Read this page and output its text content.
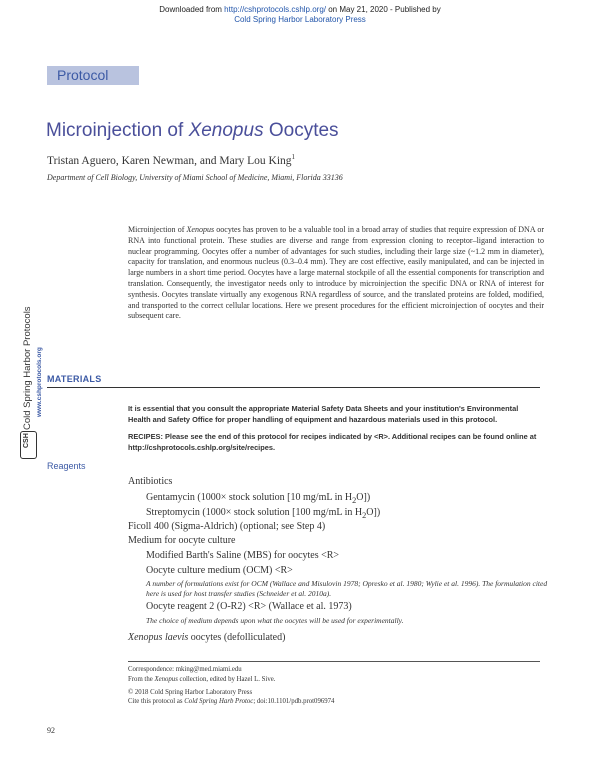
Downloaded from http://cshprotocols.cshlp.org/ on May 21, 2020 - Published by
Cold Spring Harbor Laboratory Press
Protocol
Microinjection of Xenopus Oocytes
Tristan Aguero, Karen Newman, and Mary Lou King$^1$
Department of Cell Biology, University of Miami School of Medicine, Miami, Florida 33136

Microinjection of Xenopus oocytes has proven to be a valuable tool in a broad array of studies that require expression of DNA or RNA into functional protein. These studies are diverse and range from expression cloning to receptor–ligand interaction to nuclear programming. Oocytes offer a number of advantages for such studies, including their large size (~1.2 mm in diameter), capacity for translation, and enormous nucleus (0.3–0.4 mm). They are cost effective, easily manipulated, and can be injected in large numbers in a short time period. Oocytes have a large maternal stockpile of all the essential components for transcription and translation. Consequently, the investigator needs only to introduce by microinjection the specific DNA or RNA of interest for synthesis. Oocytes translate virtually any exogenous RNA regardless of source, and the translated proteins are folded, modified, and transported to the correct cellular locations. Here we present procedures for the efficient microinjection of oocytes and their subsequent care.

Cold Spring Harbor Protocols www.cshprotocols.org
CSH
MATERIALS

It is essential that you consult the appropriate Material Safety Data Sheets and your institution's Environmental Health and Safety Office for proper handling of equipment and hazardous materials used in this protocol.

RECIPES: Please see the end of this protocol for recipes indicated by <R>. Additional recipes can be found online at http://cshprotocols.cshlp.org/site/recipes.

Reagents
Antibiotics
Gentamycin (1000× stock solution [10 mg/mL in $H_2O$])
Streptomycin (1000× stock solution [100 mg/mL in $H_2O$])
Ficoll 400 (Sigma-Aldrich) (optional; see Step 4)
Medium for oocyte culture
Modified Barth's Saline (MBS) for oocytes <R>
Oocyte culture medium (OCM) <R>

A number of formulations exist for OCM (Wallace and Misulovin 1978; Opresko et al. 1980; Wylie et al. 1996). The formulation cited here is used for host transfer studies (Schneider et al. 2010a).

Oocyte reagent 2 (O-R2) <R> (Wallace et al. 1973)

The choice of medium depends upon what the oocytes will be used for experimentally.

Xenopus laevis oocytes (defolliculated)
Correspondence: mking@med.miami.edu
From the Xenopus collection, edited by Hazel L. Sive.
© 2018 Cold Spring Harbor Laboratory Press
Cite this protocol as Cold Spring Harb Protoc; doi:10.1101/pdb.prot096974
92
